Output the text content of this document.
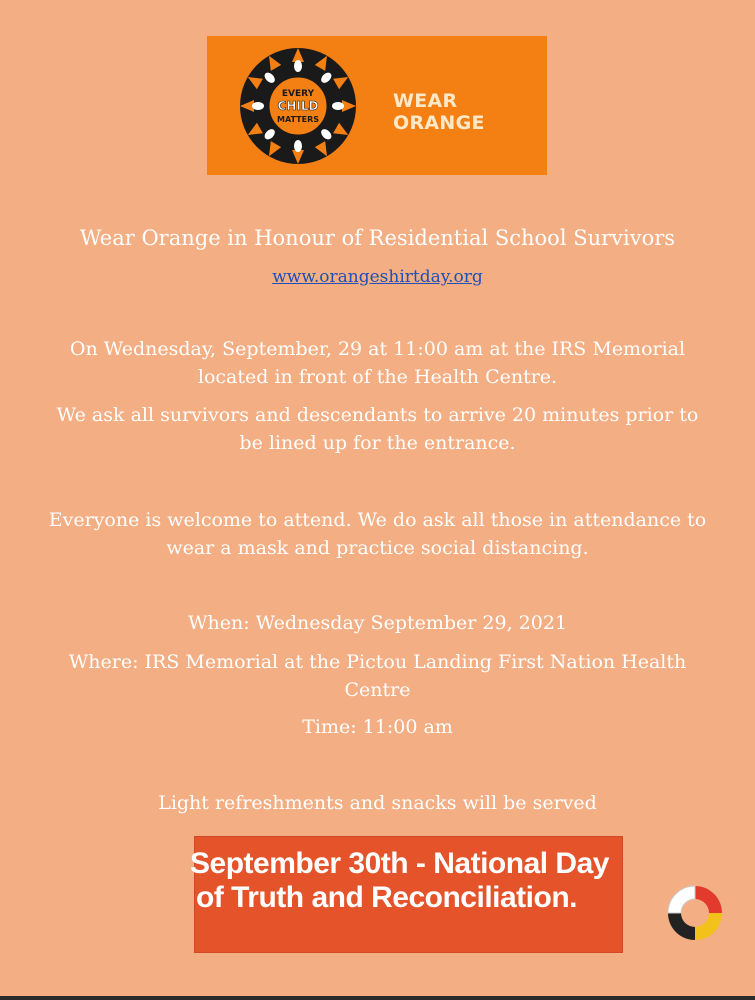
EVERY
CHILD
MATTERS
WEAR ORANGE
Wear Orange in Honour of Residential School Survivors
www.orangeshirtday.org
On Wednesday, September, 29 at 11:00 am at the IRS Memorial
located in front of the Health Centre.
We ask all survivors and descendants to arrive 20 minutes prior to
be lined up for the entrance.
Everyone is welcome to attend. We do ask all those in attendance to
wear a mask and practice social distancing.
When: Wednesday September 29, 2021
Where: IRS Memorial at the Pictou Landing First Nation Health
Centre
Time: 11:00 am
Light refreshments and snacks will be served
September 30th - National Day
of Truth and Reconciliation.
